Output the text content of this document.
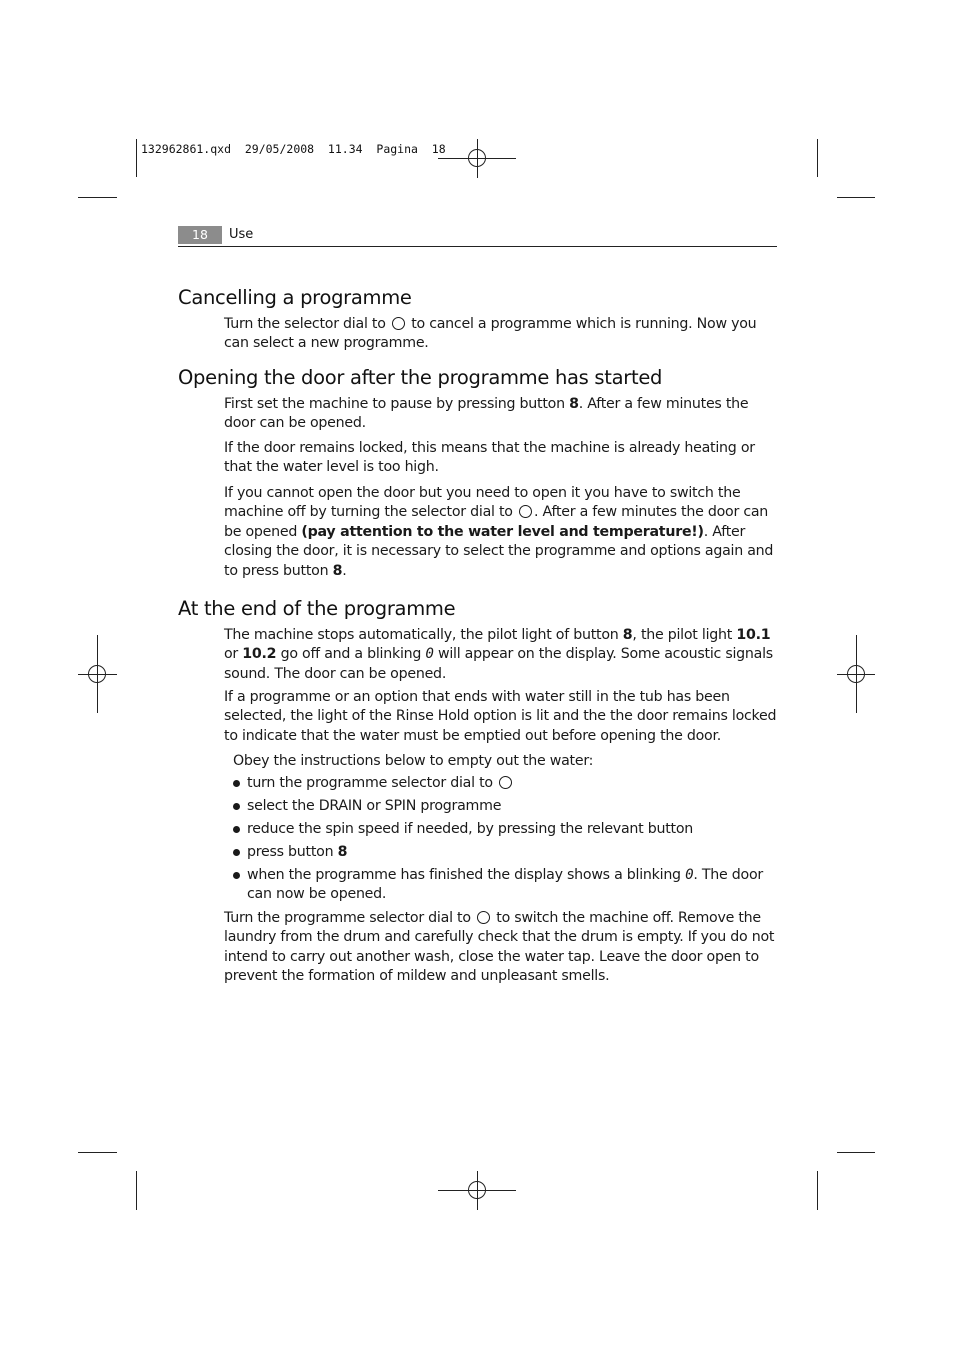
132962861.qxd  29/05/2008  11.34  Pagina  18
18	Use
Cancelling a programme

Turn the selector dial to to cancel a programme which is running. Now you can select a new programme.

Opening the door after the programme has started

First set the machine to pause by pressing button 8. After a few minutes the door can be opened.

If the door remains locked, this means that the machine is already heating or that the water level is too high.

If you cannot open the door but you need to open it you have to switch the machine off by turning the selector dial to . After a few minutes the door can be opened (pay attention to the water level and temperature!). After closing the door, it is necessary to select the programme and options again and to press button 8.

At the end of the programme

The machine stops automatically, the pilot light of button 8, the pilot light 10.1 or 10.2 go off and a blinking 0 will appear on the display. Some acoustic signals sound. The door can be opened.

If a programme or an option that ends with water still in the tub has been selected, the light of the Rinse Hold option is lit and the the door remains locked to indicate that the water must be emptied out before opening the door.

Obey the instructions below to empty out the water:

turn the programme selector dial to
select the DRAIN or SPIN programme
reduce the spin speed if needed, by pressing the relevant button
press button 8
when the programme has finished the display shows a blinking 0. The door can now be opened.

Turn the programme selector dial to to switch the machine off. Remove the laundry from the drum and carefully check that the drum is empty. If you do not intend to carry out another wash, close the water tap. Leave the door open to prevent the formation of mildew and unpleasant smells.
